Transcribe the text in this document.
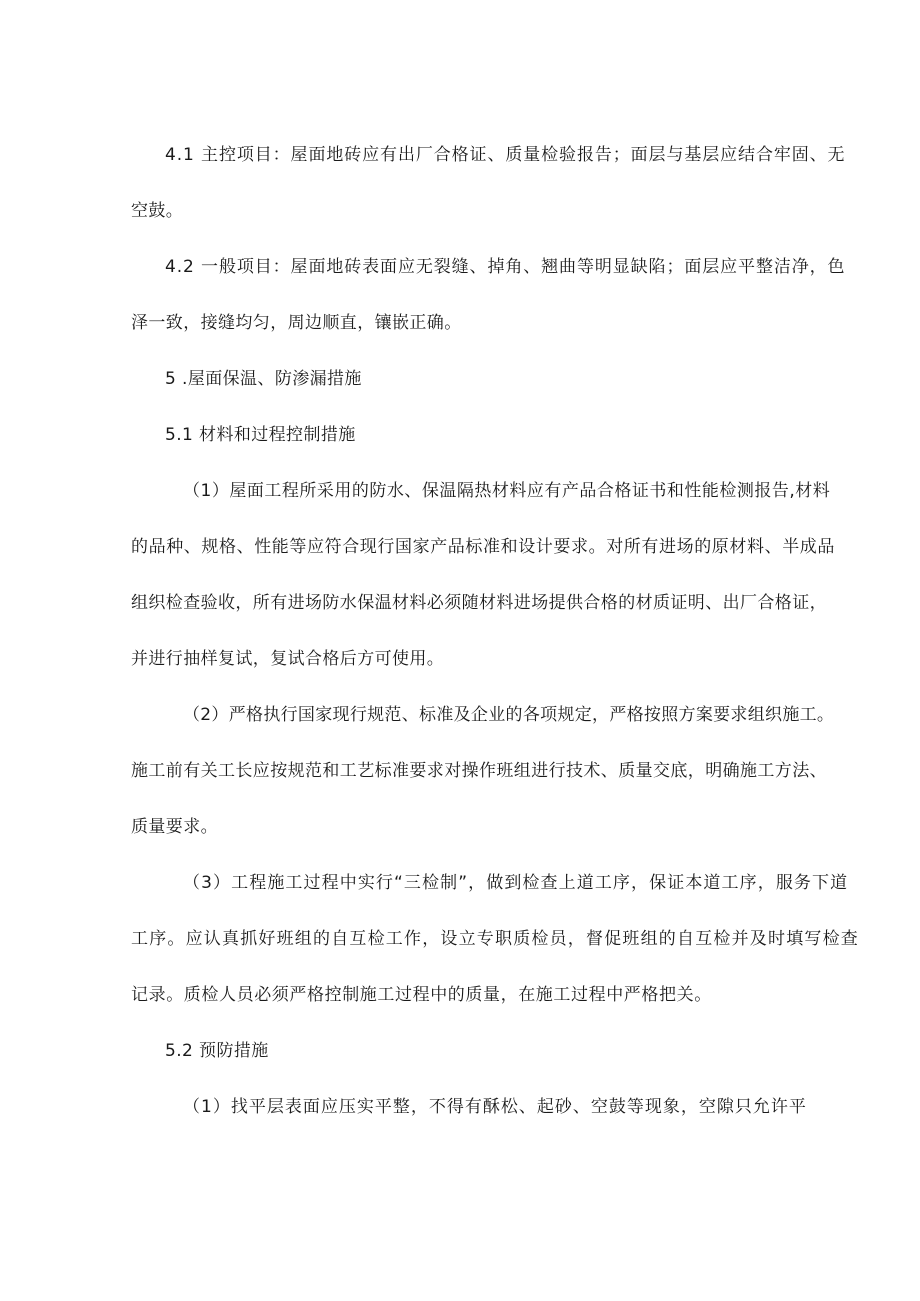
4.1 主控项目：屋面地砖应有出厂合格证、质量检验报告；面层与基层应结合牢固、无

空鼓。

4.2 一般项目：屋面地砖表面应无裂缝、掉角、翘曲等明显缺陷；面层应平整洁净，色

泽一致，接缝均匀，周边顺直，镶嵌正确。

5 .屋面保温、防渗漏措施

5.1 材料和过程控制措施

（1）屋面工程所采用的防水、保温隔热材料应有产品合格证书和性能检测报告,材料

的品种、规格、性能等应符合现行国家产品标准和设计要求。对所有进场的原材料、半成品

组织检查验收，所有进场防水保温材料必须随材料进场提供合格的材质证明、出厂合格证，

并进行抽样复试，复试合格后方可使用。

（2）严格执行国家现行规范、标准及企业的各项规定，严格按照方案要求组织施工。

施工前有关工长应按规范和工艺标准要求对操作班组进行技术、质量交底，明确施工方法、

质量要求。

（3）工程施工过程中实行“三检制”，做到检查上道工序，保证本道工序，服务下道

工序。应认真抓好班组的自互检工作，设立专职质检员，督促班组的自互检并及时填写检查

记录。质检人员必须严格控制施工过程中的质量，在施工过程中严格把关。

5.2 预防措施

（1）找平层表面应压实平整，不得有酥松、起砂、空鼓等现象，空隙只允许平
